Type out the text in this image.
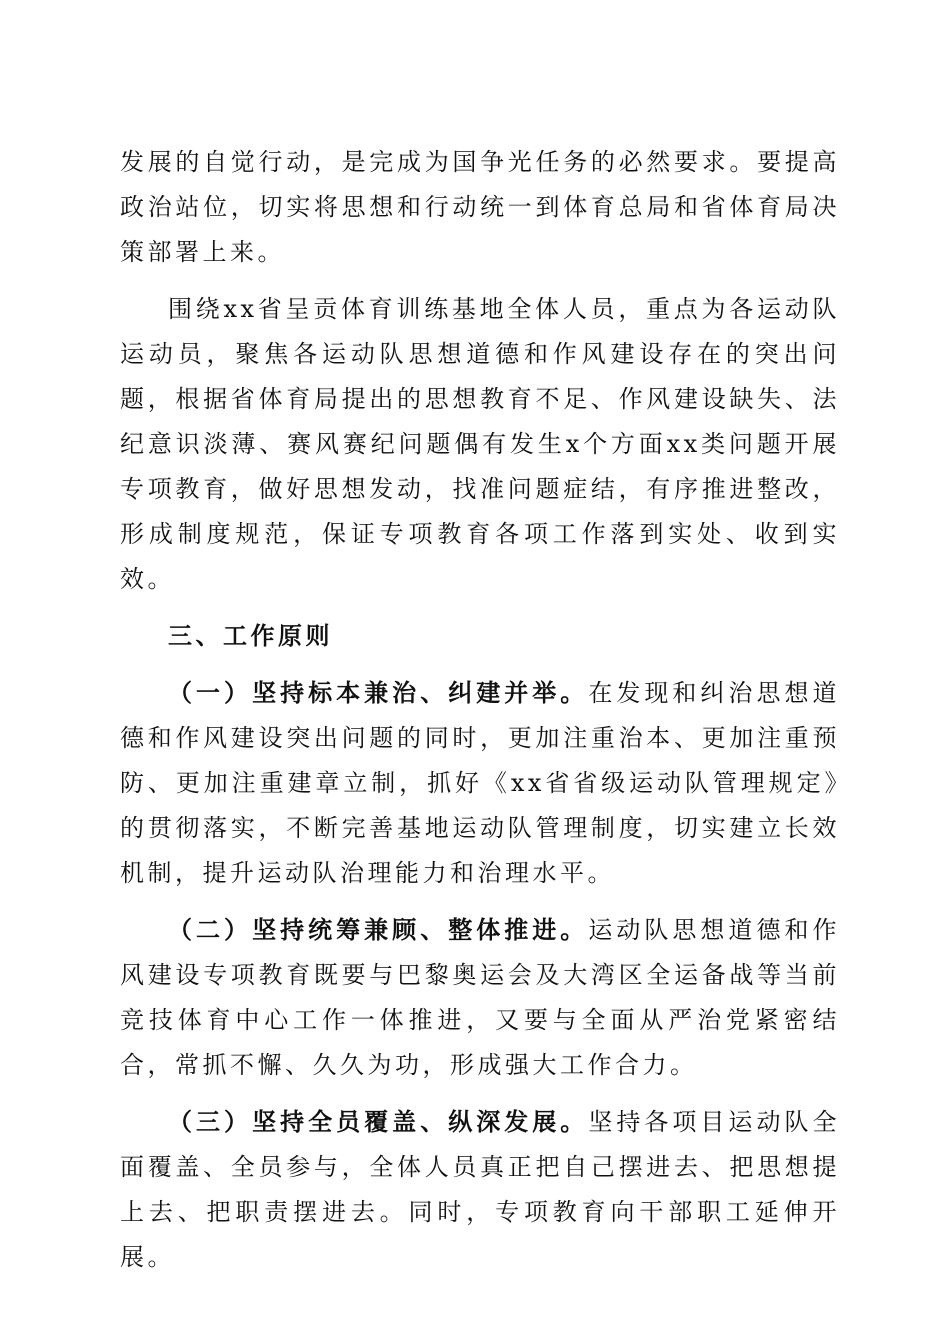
发展的自觉行动，是完成为国争光任务的必然要求。要提高政治站位，切实将思想和行动统一到体育总局和省体育局决策部署上来。

围绕xx省呈贡体育训练基地全体人员，重点为各运动队运动员，聚焦各运动队思想道德和作风建设存在的突出问题，根据省体育局提出的思想教育不足、作风建设缺失、法纪意识淡薄、赛风赛纪问题偶有发生x个方面xx类问题开展专项教育，做好思想发动，找准问题症结，有序推进整改，形成制度规范，保证专项教育各项工作落到实处、收到实效。

三、工作原则

（一）坚持标本兼治、纠建并举。在发现和纠治思想道德和作风建设突出问题的同时，更加注重治本、更加注重预防、更加注重建章立制，抓好《xx省省级运动队管理规定》的贯彻落实，不断完善基地运动队管理制度，切实建立长效机制，提升运动队治理能力和治理水平。

（二）坚持统筹兼顾、整体推进。运动队思想道德和作风建设专项教育既要与巴黎奥运会及大湾区全运备战等当前竞技体育中心工作一体推进，又要与全面从严治党紧密结合，常抓不懈、久久为功，形成强大工作合力。

（三）坚持全员覆盖、纵深发展。坚持各项目运动队全面覆盖、全员参与，全体人员真正把自己摆进去、把思想提上去、把职责摆进去。同时，专项教育向干部职工延伸开展。
